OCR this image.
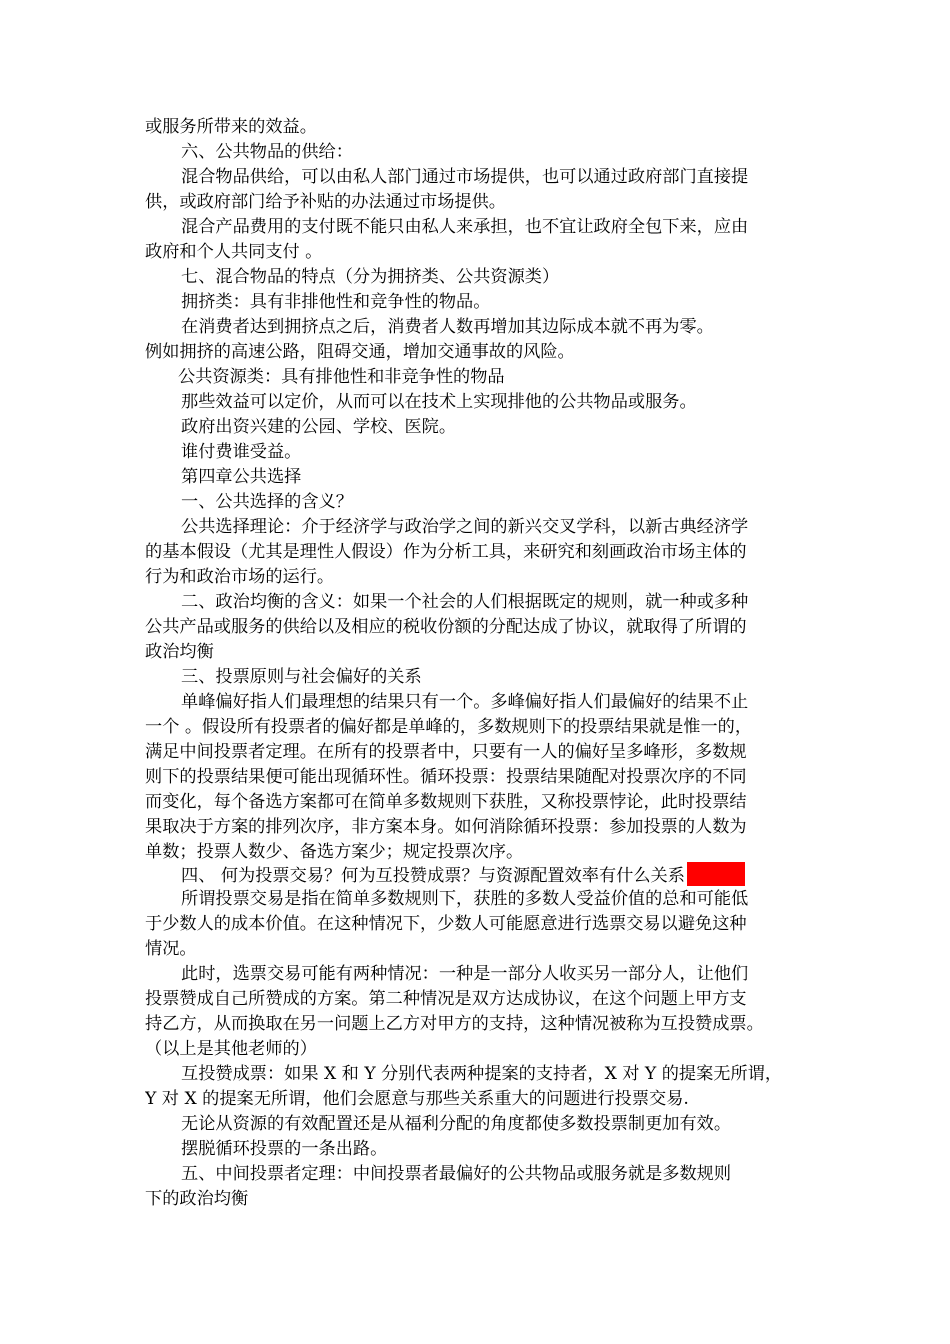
或服务所带来的效益。
六、公共物品的供给：
混合物品供给，可以由私人部门通过市场提供，也可以通过政府部门直接提
供，或政府部门给予补贴的办法通过市场提供。
混合产品费用的支付既不能只由私人来承担，也不宜让政府全包下来，应由
政府和个人共同支付 。
七、混合物品的特点（分为拥挤类、公共资源类）
拥挤类：具有非排他性和竞争性的物品。
在消费者达到拥挤点之后，消费者人数再增加其边际成本就不再为零。
例如拥挤的高速公路，阻碍交通，增加交通事故的风险。
公共资源类：具有排他性和非竞争性的物品
那些效益可以定价，从而可以在技术上实现排他的公共物品或服务。
政府出资兴建的公园、学校、医院。
谁付费谁受益。
第四章公共选择
一、公共选择的含义？
公共选择理论：介于经济学与政治学之间的新兴交叉学科，以新古典经济学
的基本假设（尤其是理性人假设）作为分析工具，来研究和刻画政治市场主体的
行为和政治市场的运行。
二、政治均衡的含义：如果一个社会的人们根据既定的规则，就一种或多种
公共产品或服务的供给以及相应的税收份额的分配达成了协议，就取得了所谓的
政治均衡
三、投票原则与社会偏好的关系
单峰偏好指人们最理想的结果只有一个。多峰偏好指人们最偏好的结果不止
一个 。假设所有投票者的偏好都是单峰的，多数规则下的投票结果就是惟一的，
满足中间投票者定理。在所有的投票者中，只要有一人的偏好呈多峰形，多数规
则下的投票结果便可能出现循环性。循环投票：投票结果随配对投票次序的不同
而变化，每个备选方案都可在简单多数规则下获胜，又称投票悖论，此时投票结
果取决于方案的排列次序，非方案本身。如何消除循环投票：参加投票的人数为
单数；投票人数少、备选方案少；规定投票次序。
四、 何为投票交易？何为互投赞成票？与资源配置效率有什么关系
所谓投票交易是指在简单多数规则下，获胜的多数人受益价值的总和可能低
于少数人的成本价值。在这种情况下，少数人可能愿意进行选票交易以避免这种
情况。
此时，选票交易可能有两种情况：一种是一部分人收买另一部分人，让他们
投票赞成自己所赞成的方案。第二种情况是双方达成协议，在这个问题上甲方支
持乙方，从而换取在另一问题上乙方对甲方的支持，这种情况被称为互投赞成票。
（以上是其他老师的）
互投赞成票：如果 X 和 Y 分别代表两种提案的支持者，X 对 Y 的提案无所谓，
Y 对 X 的提案无所谓，他们会愿意与那些关系重大的问题进行投票交易.
无论从资源的有效配置还是从福利分配的角度都使多数投票制更加有效。
摆脱循环投票的一条出路。
五、中间投票者定理：中间投票者最偏好的公共物品或服务就是多数规则
下的政治均衡
